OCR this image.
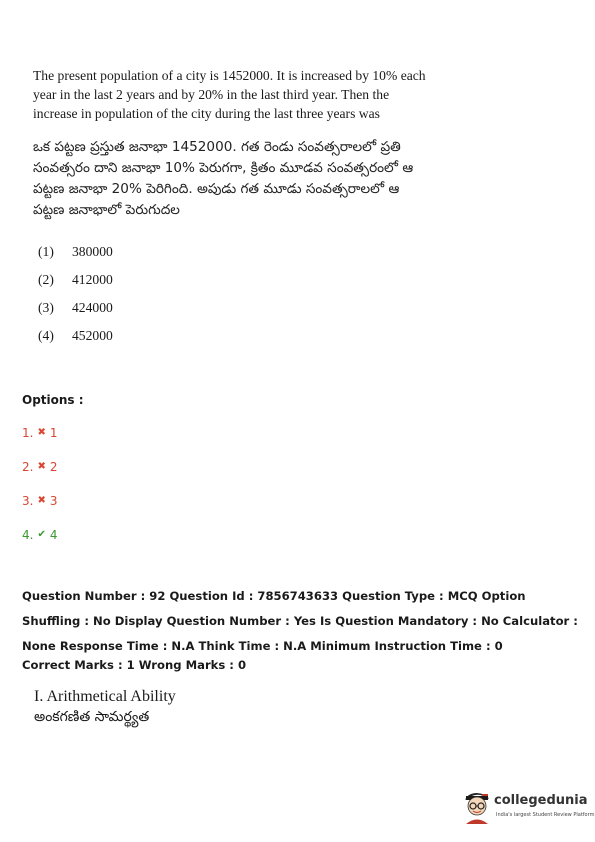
The present population of a city is 1452000. It is increased by 10% each year in the last 2 years and by 20% in the last third year. Then the increase in population of the city during the last three years was
ఒక పట్టణ ప్రస్తుత జనాభా 1452000. గత రెండు సంవత్సరాలలో ప్రతి సంవత్సరం దాని జనాభా 10% పెరుగగా, క్రితం మూడవ సంవత్సరంలో ఆ పట్టణ జనాభా 20% పెరిగింది. అపుడు గత మూడు సంవత్సరాలలో ఆ పట్టణ జనాభాలో పెరుగుదల
(1)	380000
(2)	412000
(3)	424000
(4)	452000
Options :
1. ✖ 1
2. ✖ 2
3. ✖ 3
4. ✔ 4
Question Number : 92 Question Id : 7856743633 Question Type : MCQ Option Shuffling : No Display Question Number : Yes Is Question Mandatory : No Calculator : None Response Time : N.A Think Time : N.A Minimum Instruction Time : 0
Correct Marks : 1 Wrong Marks : 0
I. Arithmetical Ability
అంకగణిత సామర్థ్యత
collegedunia
India's largest Student Review Platform
